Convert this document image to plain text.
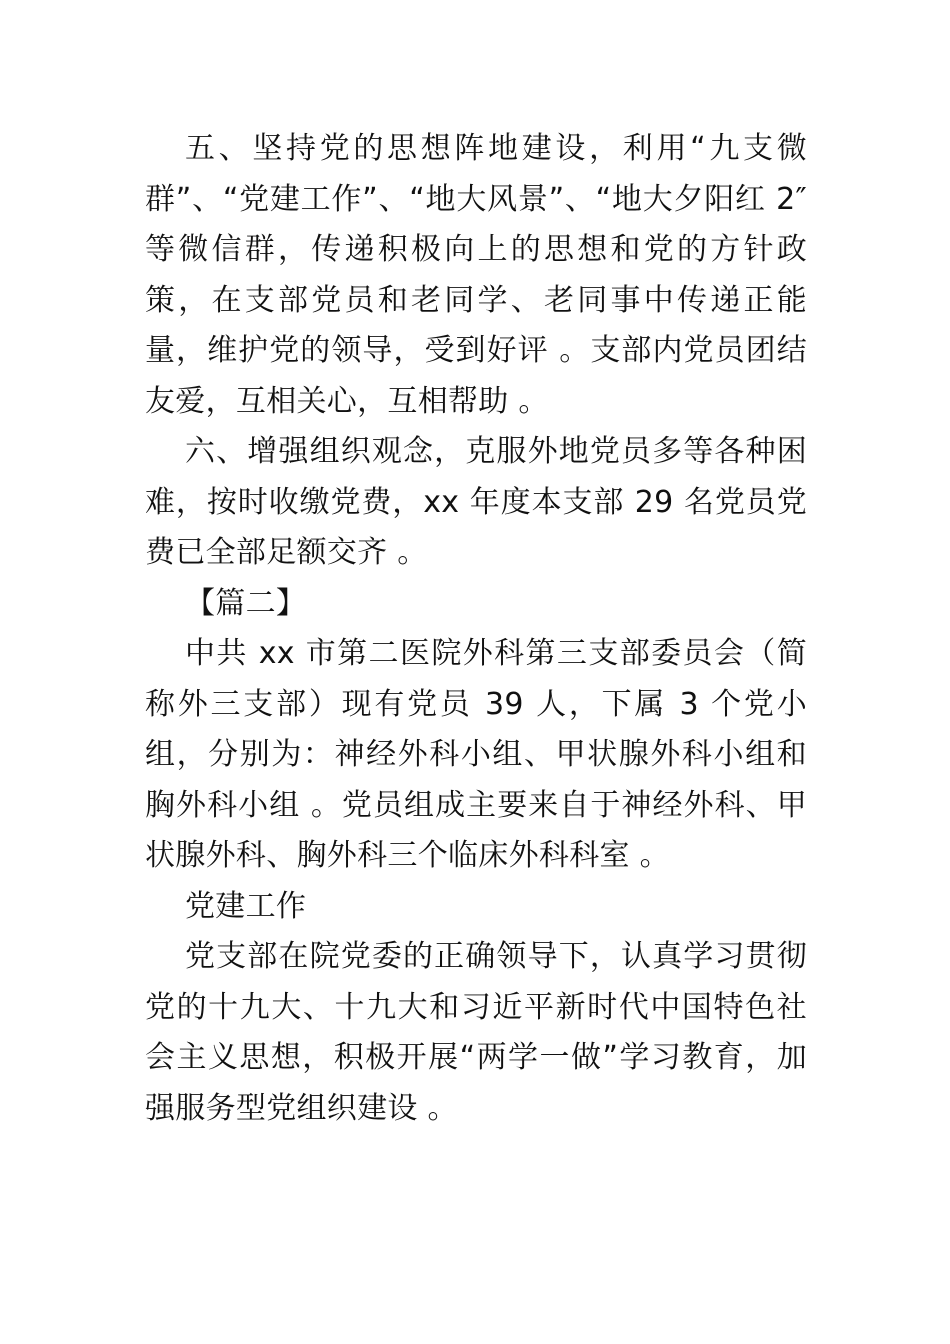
五、坚持党的思想阵地建设，利用“九支微群”、“党建工作”、“地大风景”、“地大夕阳红 2″ 等微信群，传递积极向上的思想和党的方针政策，在支部党员和老同学、老同事中传递正能量，维护党的领导，受到好评 。支部内党员团结友爱，互相关心，互相帮助 。

六、增强组织观念，克服外地党员多等各种困难，按时收缴党费，xx 年度本支部 29 名党员党费已全部足额交齐 。

【篇二】

中共 xx 市第二医院外科第三支部委员会（简称外三支部）现有党员 39 人，下属 3 个党小组，分别为：神经外科小组、甲状腺外科小组和胸外科小组 。党员组成主要来自于神经外科、甲状腺外科、胸外科三个临床外科科室 。

党建工作

党支部在院党委的正确领导下，认真学习贯彻党的十九大、十九大和习近平新时代中国特色社会主义思想，积极开展“两学一做”学习教育，加强服务型党组织建设 。
